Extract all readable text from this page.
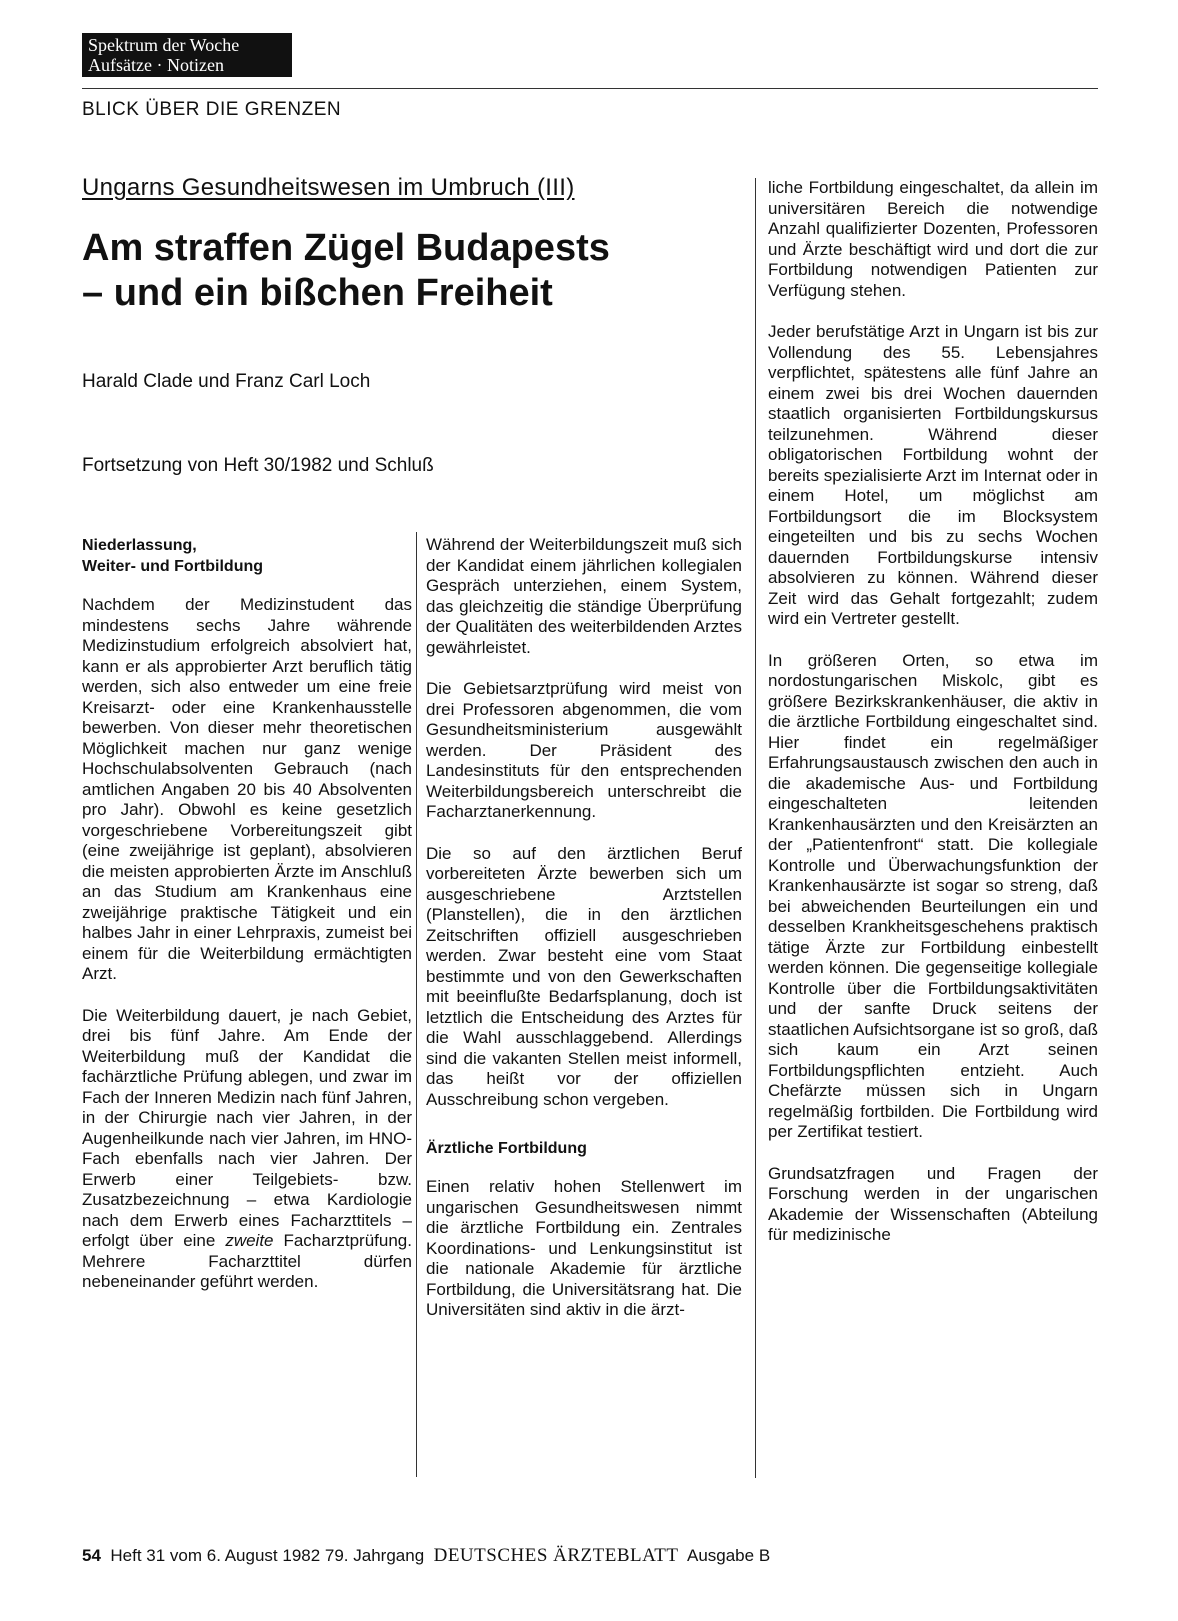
Spektrum der Woche
Aufsätze · Notizen
BLICK ÜBER DIE GRENZEN
Ungarns Gesundheitswesen im Umbruch (III)
Am straffen Zügel Budapests
– und ein bißchen Freiheit
Harald Clade und Franz Carl Loch
Fortsetzung von Heft 30/1982 und Schluß
Niederlassung,
Weiter- und Fortbildung

Nachdem der Medizinstudent das mindestens sechs Jahre währende Medizinstudium erfolgreich absolviert hat, kann er als approbierter Arzt beruflich tätig werden, sich also entweder um eine freie Kreisarzt- oder eine Krankenhausstelle bewerben. Von dieser mehr theoretischen Möglichkeit machen nur ganz wenige Hochschulabsolventen Gebrauch (nach amtlichen Angaben 20 bis 40 Absolventen pro Jahr). Obwohl es keine gesetzlich vorgeschriebene Vorbereitungszeit gibt (eine zweijährige ist geplant), absolvieren die meisten approbierten Ärzte im Anschluß an das Studium am Krankenhaus eine zweijährige praktische Tätigkeit und ein halbes Jahr in einer Lehrpraxis, zumeist bei einem für die Weiterbildung ermächtigten Arzt.

Die Weiterbildung dauert, je nach Gebiet, drei bis fünf Jahre. Am Ende der Weiterbildung muß der Kandidat die fachärztliche Prüfung ablegen, und zwar im Fach der Inneren Medizin nach fünf Jahren, in der Chirurgie nach vier Jahren, in der Augenheilkunde nach vier Jahren, im HNO-Fach ebenfalls nach vier Jahren. Der Erwerb einer Teilgebiets- bzw. Zusatzbezeichnung – etwa Kardiologie nach dem Erwerb eines Facharzttitels – erfolgt über eine zweite Facharztprüfung. Mehrere Facharzttitel dürfen nebeneinander geführt werden.

Während der Weiterbildungszeit muß sich der Kandidat einem jährlichen kollegialen Gespräch unterziehen, einem System, das gleichzeitig die ständige Überprüfung der Qualitäten des weiterbildenden Arztes gewährleistet.

Die Gebietsarztprüfung wird meist von drei Professoren abgenommen, die vom Gesundheitsministerium ausgewählt werden. Der Präsident des Landesinstituts für den entsprechenden Weiterbildungsbereich unterschreibt die Facharztanerkennung.

Die so auf den ärztlichen Beruf vorbereiteten Ärzte bewerben sich um ausgeschriebene Arztstellen (Planstellen), die in den ärztlichen Zeitschriften offiziell ausgeschrieben werden. Zwar besteht eine vom Staat bestimmte und von den Gewerkschaften mit beeinflußte Bedarfsplanung, doch ist letztlich die Entscheidung des Arztes für die Wahl ausschlaggebend. Allerdings sind die vakanten Stellen meist informell, das heißt vor der offiziellen Ausschreibung schon vergeben.

Ärztliche Fortbildung

Einen relativ hohen Stellenwert im ungarischen Gesundheitswesen nimmt die ärztliche Fortbildung ein. Zentrales Koordinations- und Lenkungsinstitut ist die nationale Akademie für ärztliche Fortbildung, die Universitätsrang hat. Die Universitäten sind aktiv in die ärzt-

liche Fortbildung eingeschaltet, da allein im universitären Bereich die notwendige Anzahl qualifizierter Dozenten, Professoren und Ärzte beschäftigt wird und dort die zur Fortbildung notwendigen Patienten zur Verfügung stehen.

Jeder berufstätige Arzt in Ungarn ist bis zur Vollendung des 55. Lebensjahres verpflichtet, spätestens alle fünf Jahre an einem zwei bis drei Wochen dauernden staatlich organisierten Fortbildungskursus teilzunehmen. Während dieser obligatorischen Fortbildung wohnt der bereits spezialisierte Arzt im Internat oder in einem Hotel, um möglichst am Fortbildungsort die im Blocksystem eingeteilten und bis zu sechs Wochen dauernden Fortbildungskurse intensiv absolvieren zu können. Während dieser Zeit wird das Gehalt fortgezahlt; zudem wird ein Vertreter gestellt.

In größeren Orten, so etwa im nordostungarischen Miskolc, gibt es größere Bezirkskrankenhäuser, die aktiv in die ärztliche Fortbildung eingeschaltet sind. Hier findet ein regelmäßiger Erfahrungsaustausch zwischen den auch in die akademische Aus- und Fortbildung eingeschalteten leitenden Krankenhausärzten und den Kreisärzten an der „Patientenfront“ statt. Die kollegiale Kontrolle und Überwachungsfunktion der Krankenhausärzte ist sogar so streng, daß bei abweichenden Beurteilungen ein und desselben Krankheitsgeschehens praktisch tätige Ärzte zur Fortbildung einbestellt werden können. Die gegenseitige kollegiale Kontrolle über die Fortbildungsaktivitäten und der sanfte Druck seitens der staatlichen Aufsichtsorgane ist so groß, daß sich kaum ein Arzt seinen Fortbildungspflichten entzieht. Auch Chefärzte müssen sich in Ungarn regelmäßig fortbilden. Die Fortbildung wird per Zertifikat testiert.

Grundsatzfragen und Fragen der Forschung werden in der ungarischen Akademie der Wissenschaften (Abteilung für medizinische

54 Heft 31 vom 6. August 1982 79. Jahrgang DEUTSCHES ÄRZTEBLATT Ausgabe B
